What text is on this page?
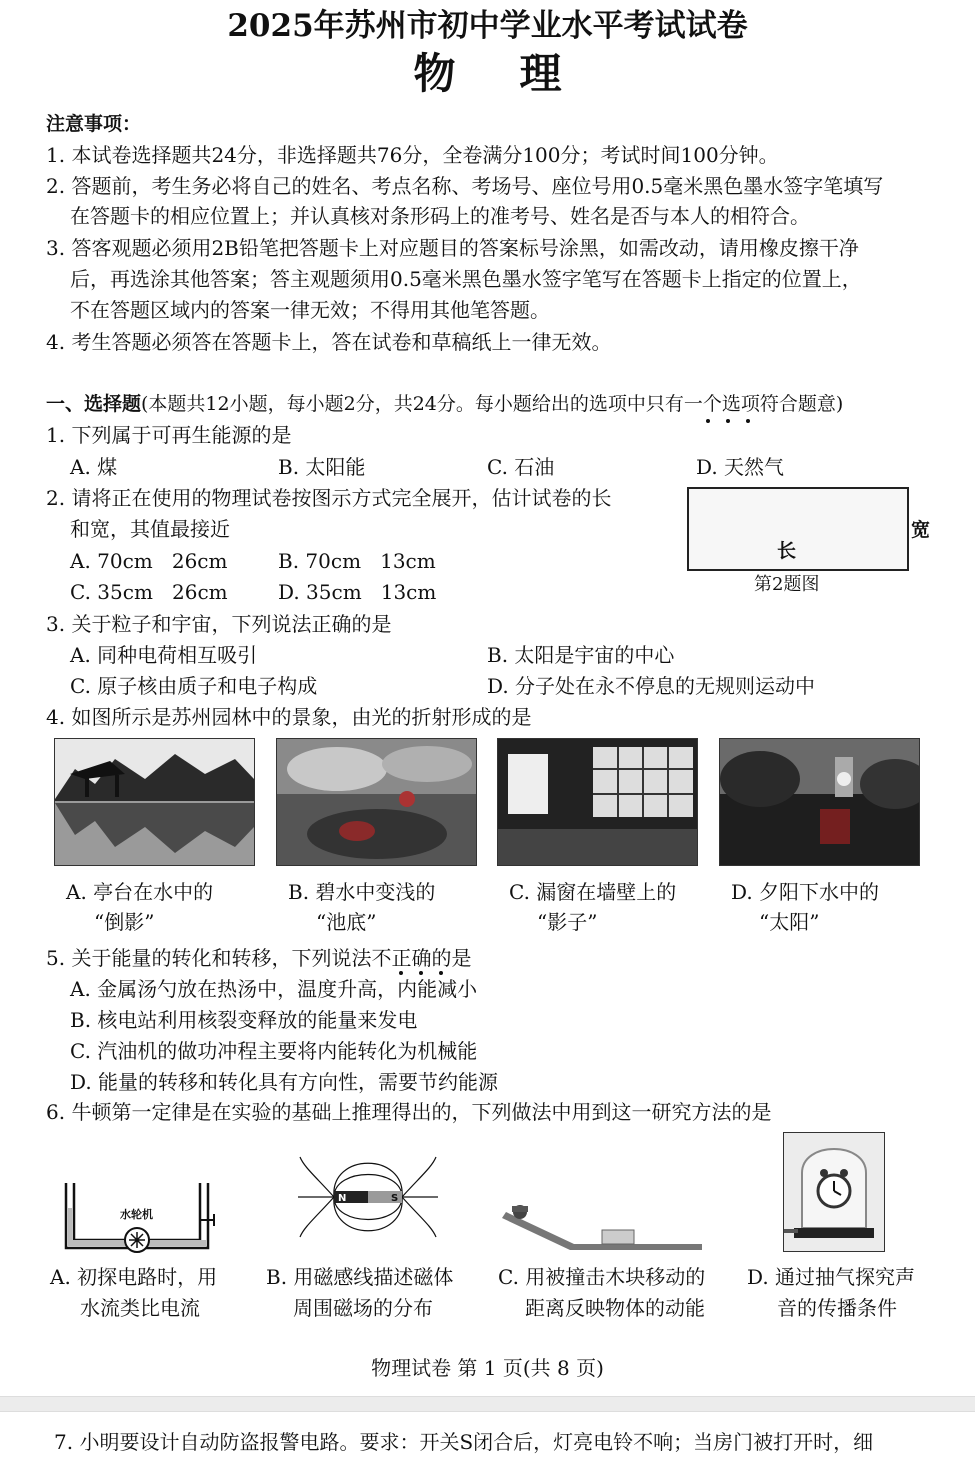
2025年苏州市初中学业水平考试试卷
物理
注意事项：
1. 本试卷选择题共24分，非选择题共76分，全卷满分100分；考试时间100分钟。
2. 答题前，考生务必将自己的姓名、考点名称、考场号、座位号用0.5毫米黑色墨水签字笔填写
在答题卡的相应位置上；并认真核对条形码上的准考号、姓名是否与本人的相符合。
3. 答客观题必须用2B铅笔把答题卡上对应题目的答案标号涂黑，如需改动，请用橡皮擦干净
后，再选涂其他答案；答主观题须用0.5毫米黑色墨水签字笔写在答题卡上指定的位置上，
不在答题区域内的答案一律无效；不得用其他笔答题。
4. 考生答题必须答在答题卡上，答在试卷和草稿纸上一律无效。
一、选择题(本题共12小题，每小题2分，共24分。每小题给出的选项中只有一个选项符合题意)
1. 下列属于可再生能源的是
A. 煤	B. 太阳能	C. 石油	D. 天然气
2. 请将正在使用的物理试卷按图示方式完全展开，估计试卷的长
和宽，其值最接近
A. 70cm   26cm	B. 70cm   13cm
C. 35cm   26cm	D. 35cm   13cm
长
宽
第2题图
3. 关于粒子和宇宙，下列说法正确的是
A. 同种电荷相互吸引	B. 太阳是宇宙的中心
C. 原子核由质子和电子构成	D. 分子处在永不停息的无规则运动中
4. 如图所示是苏州园林中的景象，由光的折射形成的是
A. 亭台在水中的
“倒影”
B. 碧水中变浅的
“池底”
C. 漏窗在墙壁上的
“影子”
D. 夕阳下水中的
“太阳”
5. 关于能量的转化和转移，下列说法不正确的是
A. 金属汤勺放在热汤中，温度升高，内能减小
B. 核电站利用核裂变释放的能量来发电
C. 汽油机的做功冲程主要将内能转化为机械能
D. 能量的转移和转化具有方向性，需要节约能源
6. 牛顿第一定律是在实验的基础上推理得出的，下列做法中用到这一研究方法的是
水轮机
N	S
A. 初探电路时，用
水流类比电流
B. 用磁感线描述磁体
周围磁场的分布
C. 用被撞击木块移动的
距离反映物体的动能
D. 通过抽气探究声
音的传播条件
物理试卷 第 1 页(共 8 页)
7. 小明要设计自动防盗报警电路。要求：开关S闭合后，灯亮电铃不响；当房门被打开时，细
